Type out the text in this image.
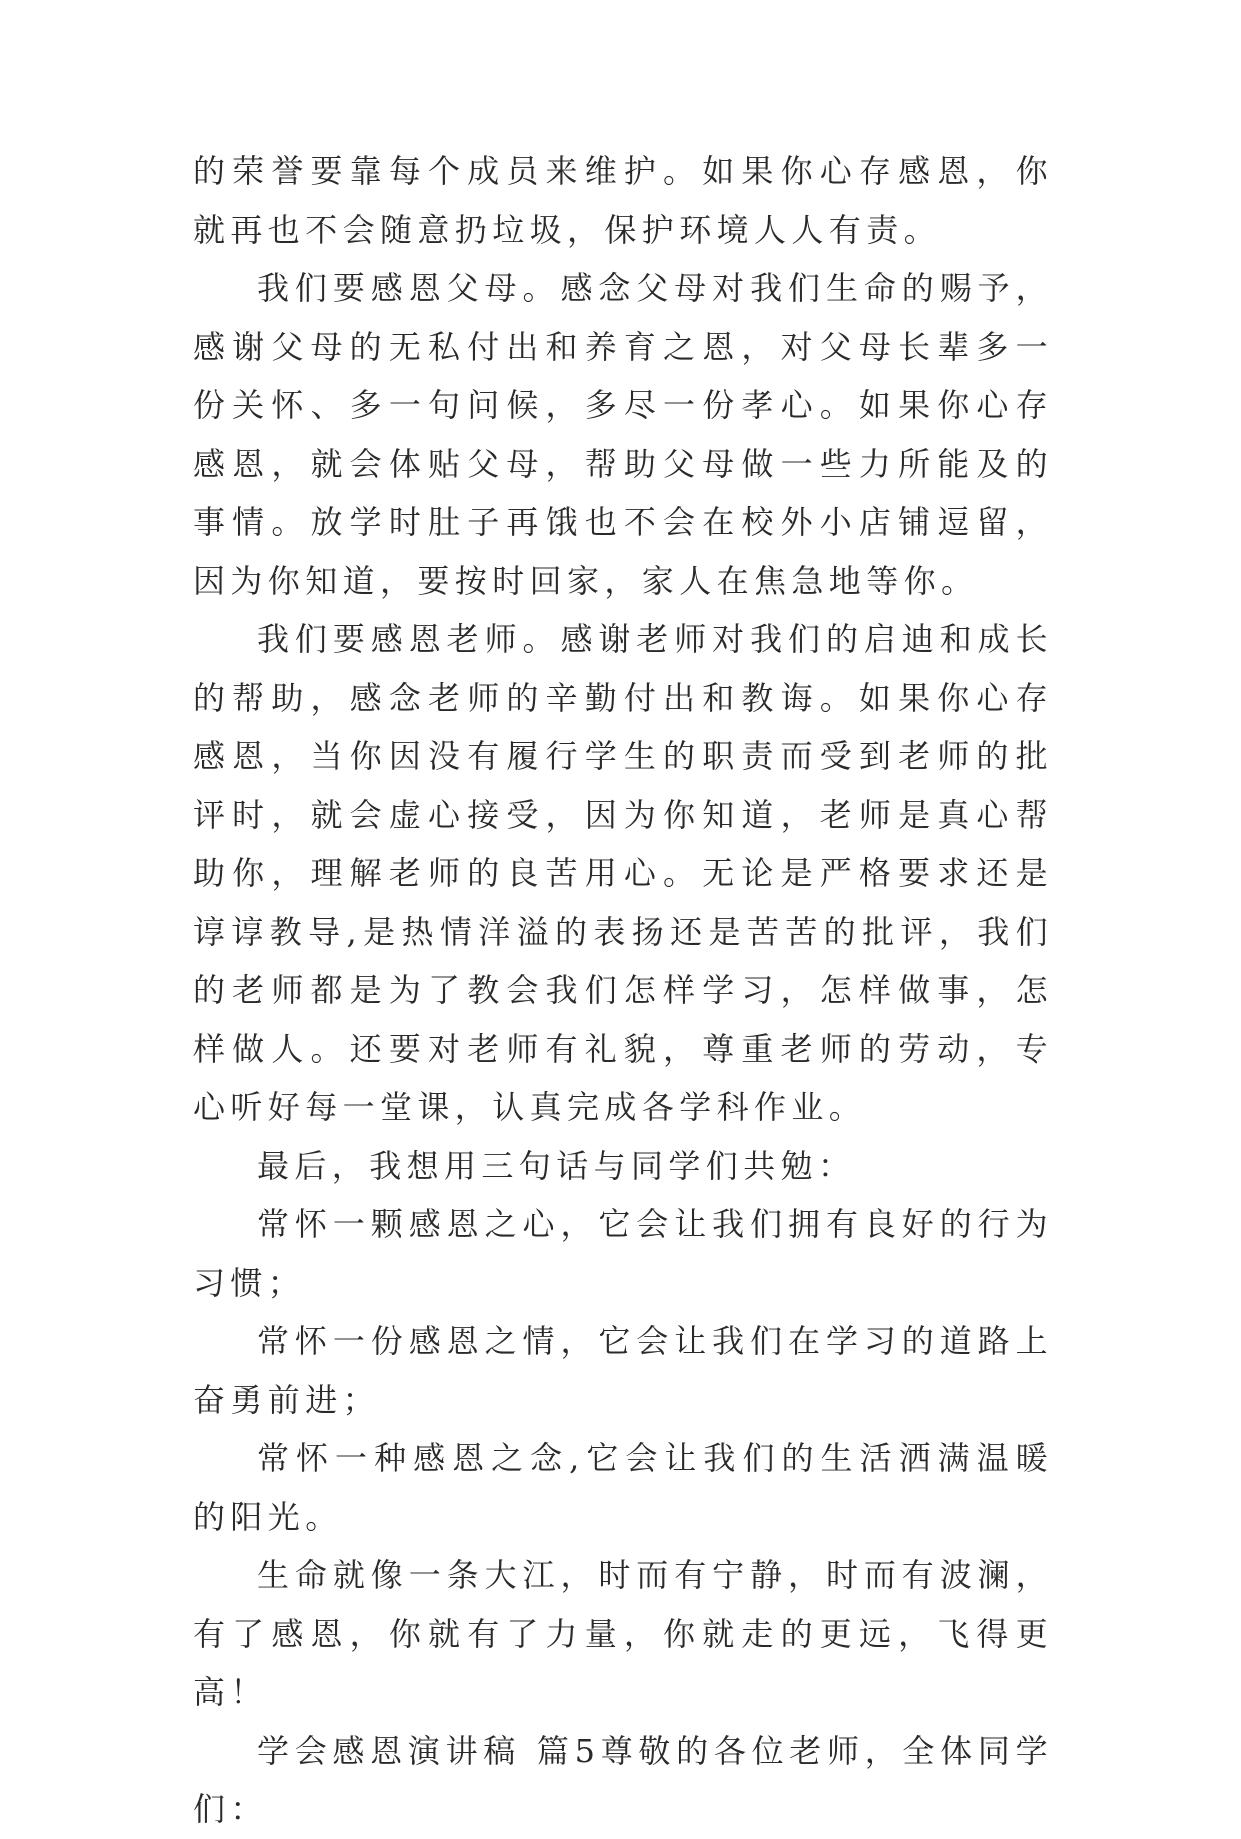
的荣誉要靠每个成员来维护。如果你心存感恩，你就再也不会随意扔垃圾，保护环境人人有责。

我们要感恩父母。感念父母对我们生命的赐予，感谢父母的无私付出和养育之恩，对父母长辈多一份关怀、多一句问候，多尽一份孝心。如果你心存感恩，就会体贴父母，帮助父母做一些力所能及的事情。放学时肚子再饿也不会在校外小店铺逗留，因为你知道，要按时回家，家人在焦急地等你。

我们要感恩老师。感谢老师对我们的启迪和成长的帮助，感念老师的辛勤付出和教诲。如果你心存感恩，当你因没有履行学生的职责而受到老师的批评时，就会虚心接受，因为你知道，老师是真心帮助你，理解老师的良苦用心。无论是严格要求还是谆谆教导,是热情洋溢的表扬还是苦苦的批评，我们的老师都是为了教会我们怎样学习，怎样做事，怎样做人。还要对老师有礼貌，尊重老师的劳动，专心听好每一堂课，认真完成各学科作业。

最后，我想用三句话与同学们共勉：

常怀一颗感恩之心，它会让我们拥有良好的行为习惯；

常怀一份感恩之情，它会让我们在学习的道路上奋勇前进；

常怀一种感恩之念,它会让我们的生活洒满温暖的阳光。

生命就像一条大江，时而有宁静，时而有波澜，有了感恩，你就有了力量，你就走的更远，飞得更高！

学会感恩演讲稿 篇5尊敬的各位老师，全体同学们：
